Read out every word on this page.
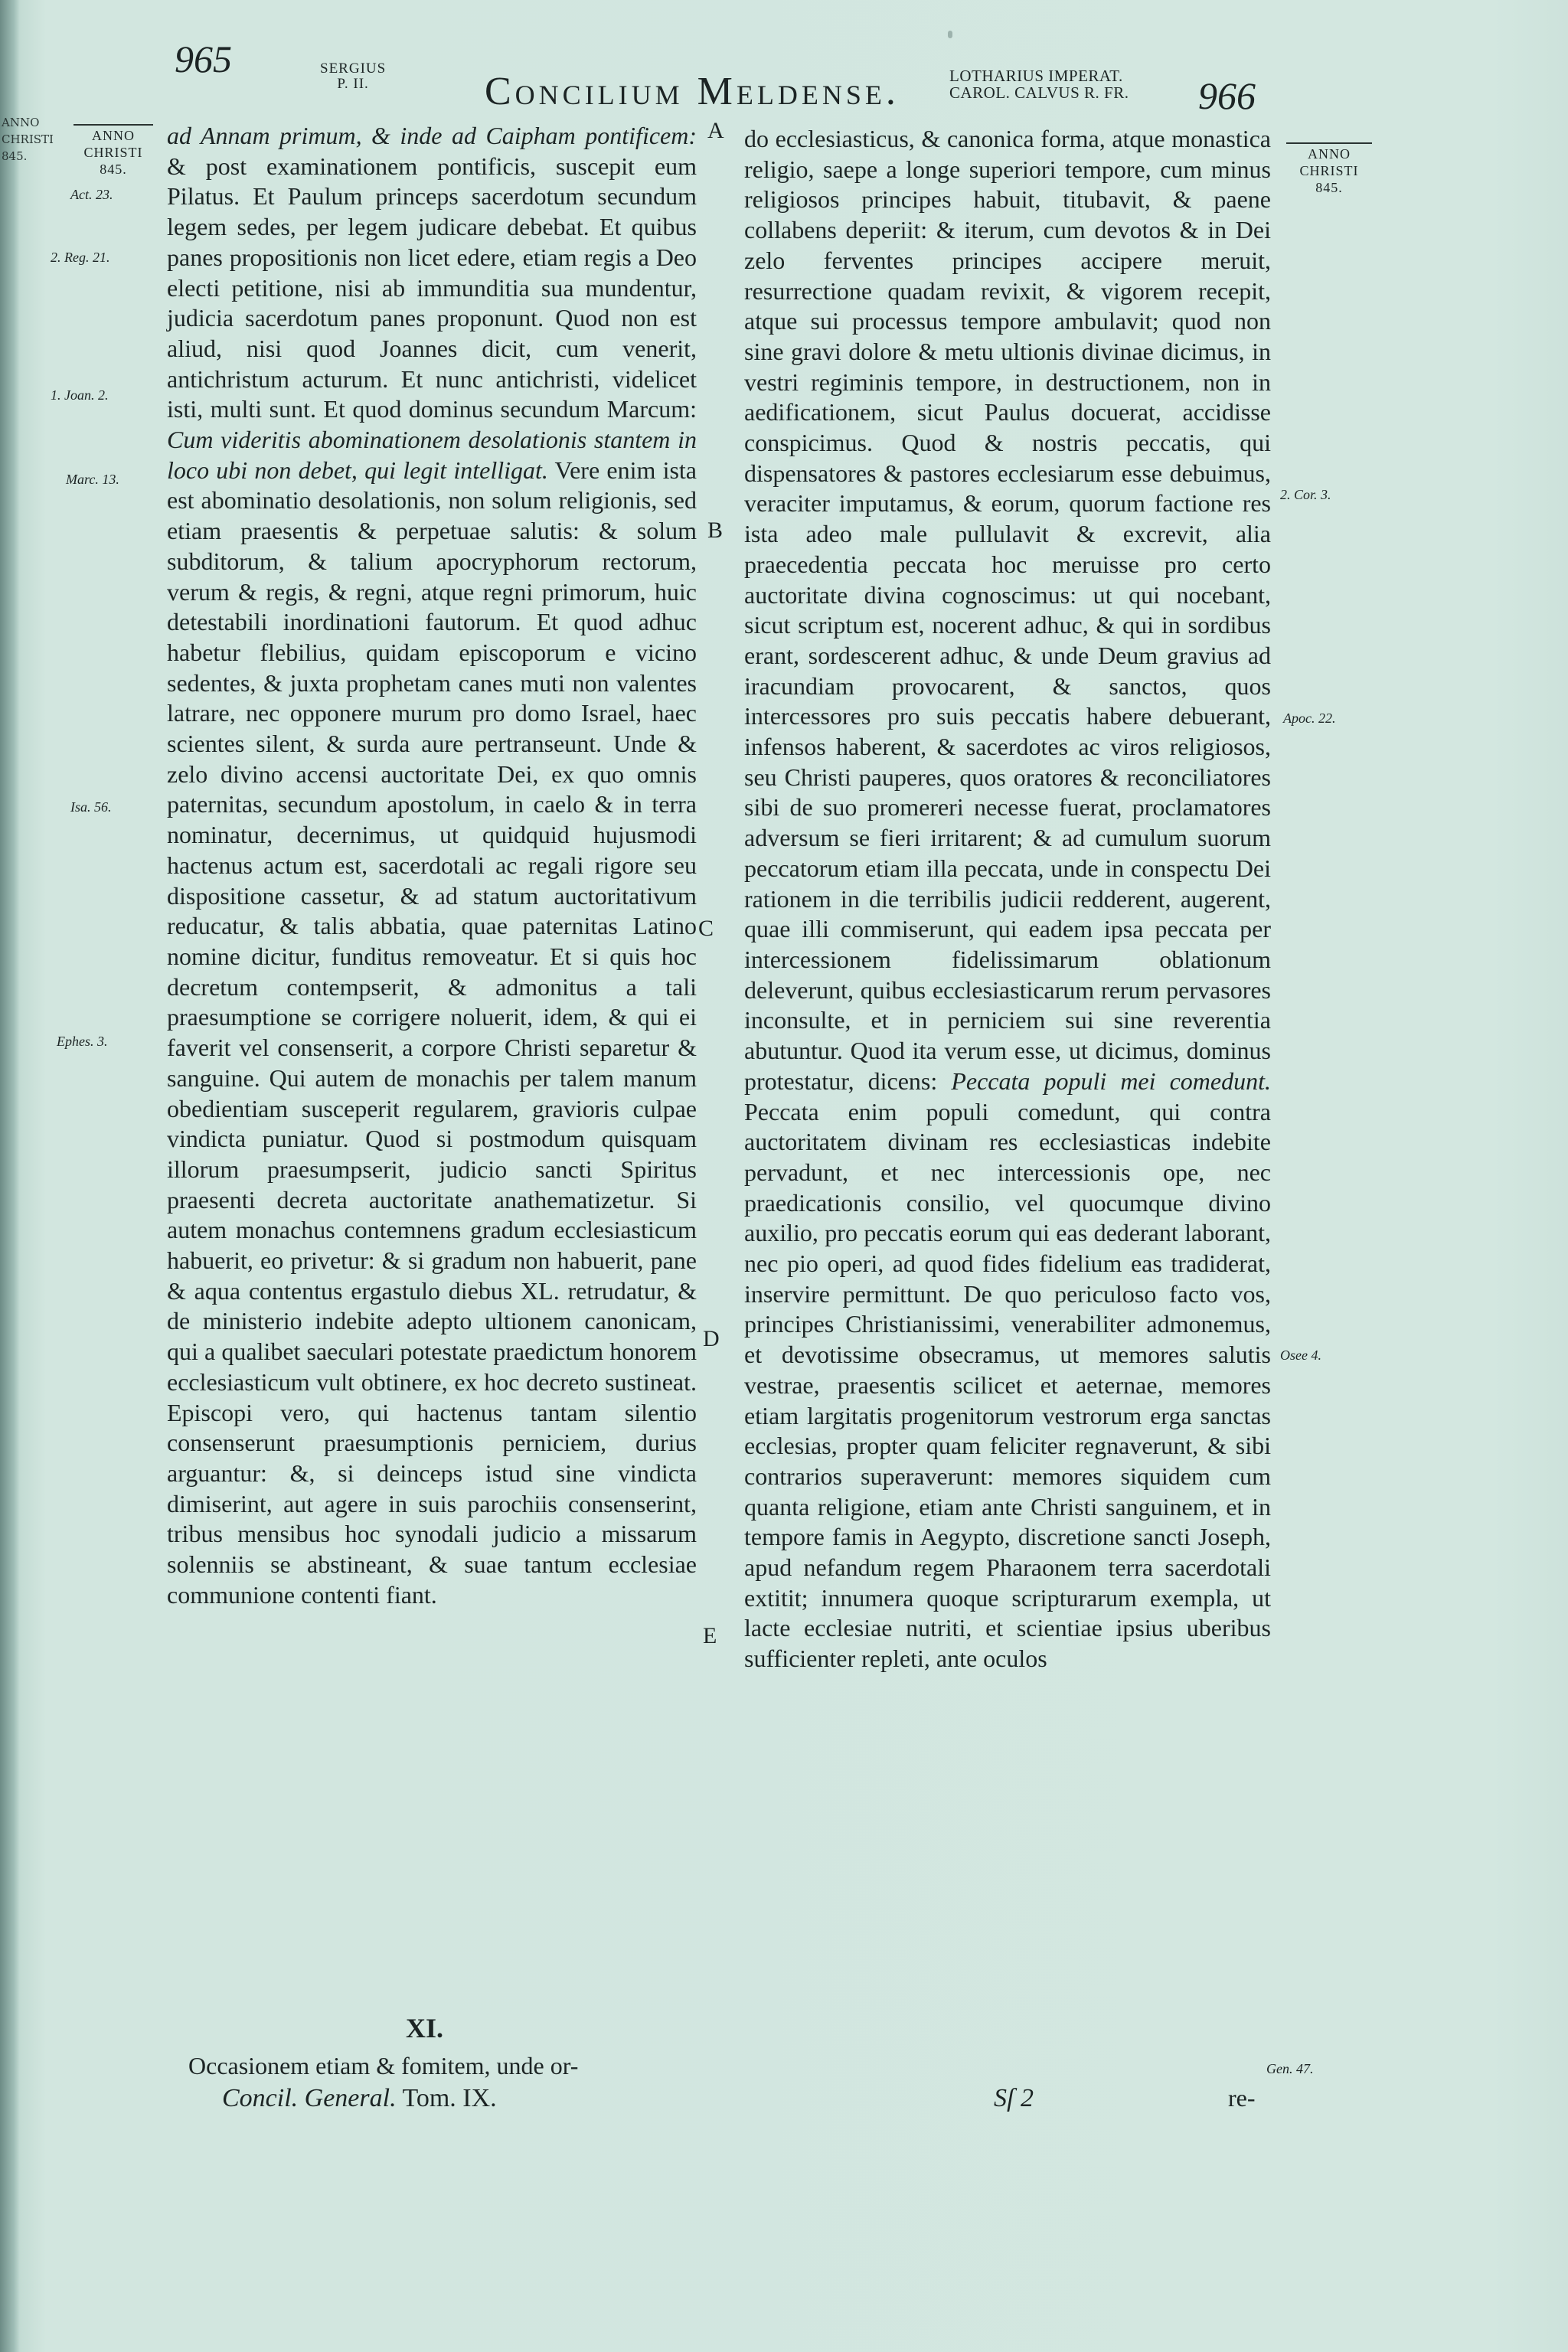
ANNO
CHRISTI
845.
965	SERGIUS
P. II.	Concilium Meldense.	LOTHARIUS IMPERAT.
CAROL. CALVUS R. FR. 966
ANNO
CHRISTI
845.
ANNO
CHRISTI
845.
Act. 23.
2. Reg. 21.
1. Joan. 2.
Marc. 13.
Isa. 56.
Ephes. 3.
2. Cor. 3.
Apoc. 22.
Osee 4.
Gen. 47.
A
B
C
D
E

ad Annam primum, & inde ad Caipham pontificem: & post examinationem pontificis, suscepit eum Pilatus. Et Paulum princeps sacerdotum secundum legem sedes, per legem judicare debebat. Et quibus panes propositionis non licet edere, etiam regis a Deo electi petitione, nisi ab immunditia sua mundentur, judicia sacerdotum panes proponunt. Quod non est aliud, nisi quod Joannes dicit, cum venerit, antichristum acturum. Et nunc antichristi, videlicet isti, multi sunt. Et quod dominus secundum Marcum: Cum videritis abominationem desolationis stantem in loco ubi non debet, qui legit intelligat. Vere enim ista est abominatio desolationis, non solum religionis, sed etiam praesentis & perpetuae salutis: & solum subditorum, & talium apocryphorum rectorum, verum & regis, & regni, atque regni primorum, huic detestabili inordinationi fautorum. Et quod adhuc habetur flebilius, quidam episcoporum e vicino sedentes, & juxta prophetam canes muti non valentes latrare, nec opponere murum pro domo Israel, haec scientes silent, & surda aure pertranseunt. Unde & zelo divino accensi auctoritate Dei, ex quo omnis paternitas, secundum apostolum, in caelo & in terra nominatur, decernimus, ut quidquid hujusmodi hactenus actum est, sacerdotali ac regali rigore seu dispositione cassetur, & ad statum auctoritativum reducatur, & talis abbatia, quae paternitas Latino nomine dicitur, funditus removeatur. Et si quis hoc decretum contempserit, & admonitus a tali praesumptione se corrigere noluerit, idem, & qui ei faverit vel consenserit, a corpore Christi separetur & sanguine. Qui autem de monachis per talem manum obedientiam susceperit regularem, gravioris culpae vindicta puniatur. Quod si postmodum quisquam illorum praesumpserit, judicio sancti Spiritus praesenti decreta auctoritate anathematizetur. Si autem monachus contemnens gradum ecclesiasticum habuerit, eo privetur: & si gradum non habuerit, pane & aqua contentus ergastulo diebus XL. retrudatur, & de ministerio indebite adepto ultionem canonicam, qui a qualibet saeculari potestate praedictum honorem ecclesiasticum vult obtinere, ex hoc decreto sustineat. Episcopi vero, qui hactenus tantam silentio consenserunt praesumptionis perniciem, durius arguantur: &, si deinceps istud sine vindicta dimiserint, aut agere in suis parochiis consenserint, tribus mensibus hoc synodali judicio a missarum solenniis se abstineant, & suae tantum ecclesiae communione contenti fiant.

XI.
Occasionem etiam & fomitem, unde or-
Concil. General. Tom. IX.

do ecclesiasticus, & canonica forma, atque monastica religio, saepe a longe superiori tempore, cum minus religiosos principes habuit, titubavit, & paene collabens deperiit: & iterum, cum devotos & in Dei zelo ferventes principes accipere meruit, resurrectione quadam revixit, & vigorem recepit, atque sui processus tempore ambulavit; quod non sine gravi dolore & metu ultionis divinae dicimus, in vestri regiminis tempore, in destructionem, non in aedificationem, sicut Paulus docuerat, accidisse conspicimus. Quod & nostris peccatis, qui dispensatores & pastores ecclesiarum esse debuimus, veraciter imputamus, & eorum, quorum factione res ista adeo male pullulavit & excrevit, alia praecedentia peccata hoc meruisse pro certo auctoritate divina cognoscimus: ut qui nocebant, sicut scriptum est, nocerent adhuc, & qui in sordibus erant, sordescerent adhuc, & unde Deum gravius ad iracundiam provocarent, & sanctos, quos intercessores pro suis peccatis habere debuerant, infensos haberent, & sacerdotes ac viros religiosos, seu Christi pauperes, quos oratores & reconciliatores sibi de suo promereri necesse fuerat, proclamatores adversum se fieri irritarent; & ad cumulum suorum peccatorum etiam illa peccata, unde in conspectu Dei rationem in die terribilis judicii redderent, augerent, quae illi commiserunt, qui eadem ipsa peccata per intercessionem fidelissimarum oblationum deleverunt, quibus ecclesiasticarum rerum pervasores inconsulte, et in perniciem sui sine reverentia abutuntur. Quod ita verum esse, ut dicimus, dominus protestatur, dicens: Peccata populi mei comedunt. Peccata enim populi comedunt, qui contra auctoritatem divinam res ecclesiasticas indebite pervadunt, et nec intercessionis ope, nec praedicationis consilio, vel quocumque divino auxilio, pro peccatis eorum qui eas dederant laborant, nec pio operi, ad quod fides fidelium eas tradiderat, inservire permittunt. De quo periculoso facto vos, principes Christianissimi, venerabiliter admonemus, et devotissime obsecramus, ut memores salutis vestrae, praesentis scilicet et aeternae, memores etiam largitatis progenitorum vestrorum erga sanctas ecclesias, propter quam feliciter regnaverunt, & sibi contrarios superaverunt: memores siquidem cum quanta religione, etiam ante Christi sanguinem, et in tempore famis in Aegypto, discretione sancti Joseph, apud nefandum regem Pharaonem terra sacerdotali extitit; innumera quoque scripturarum exempla, ut lacte ecclesiae nutriti, et scientiae ipsius uberibus sufficienter repleti, ante oculos

Sſ 2	re-
